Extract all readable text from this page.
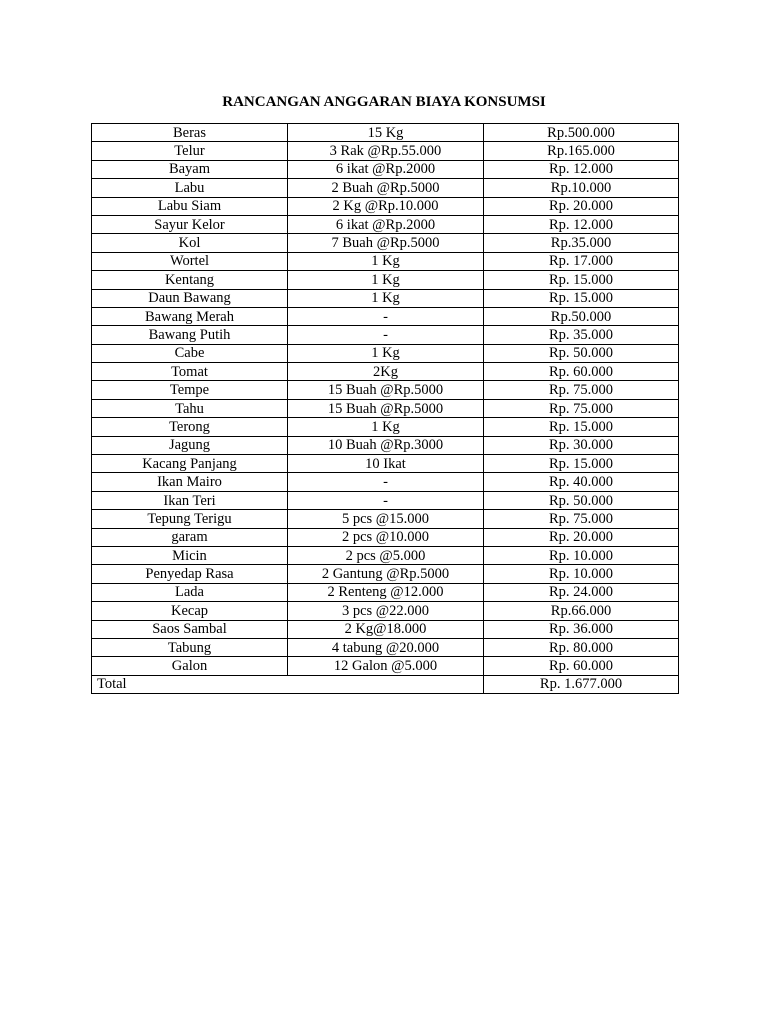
RANCANGAN ANGGARAN BIAYA KONSUMSI
Beras	15 Kg	Rp.500.000
Telur	3 Rak @Rp.55.000	Rp.165.000
Bayam	6 ikat @Rp.2000	Rp. 12.000
Labu	2 Buah @Rp.5000	Rp.10.000
Labu Siam	2 Kg @Rp.10.000	Rp. 20.000
Sayur Kelor	6 ikat @Rp.2000	Rp. 12.000
Kol	7 Buah @Rp.5000	Rp.35.000
Wortel	1 Kg	Rp. 17.000
Kentang	1 Kg	Rp. 15.000
Daun Bawang	1 Kg	Rp. 15.000
Bawang Merah	-	Rp.50.000
Bawang Putih	-	Rp. 35.000
Cabe	1 Kg	Rp. 50.000
Tomat	2Kg	Rp. 60.000
Tempe	15 Buah @Rp.5000	Rp. 75.000
Tahu	15 Buah @Rp.5000	Rp. 75.000
Terong	1 Kg	Rp. 15.000
Jagung	10 Buah @Rp.3000	Rp. 30.000
Kacang Panjang	10 Ikat	Rp. 15.000
Ikan Mairo	-	Rp. 40.000
Ikan Teri	-	Rp. 50.000
Tepung Terigu	5 pcs @15.000	Rp. 75.000
garam	2 pcs @10.000	Rp. 20.000
Micin	2 pcs @5.000	Rp. 10.000
Penyedap Rasa	2 Gantung @Rp.5000	Rp. 10.000
Lada	2 Renteng @12.000	Rp. 24.000
Kecap	3 pcs @22.000	Rp.66.000
Saos Sambal	2 Kg@18.000	Rp. 36.000
Tabung	4 tabung @20.000	Rp. 80.000
Galon	12 Galon @5.000	Rp. 60.000
Total		Rp. 1.677.000
